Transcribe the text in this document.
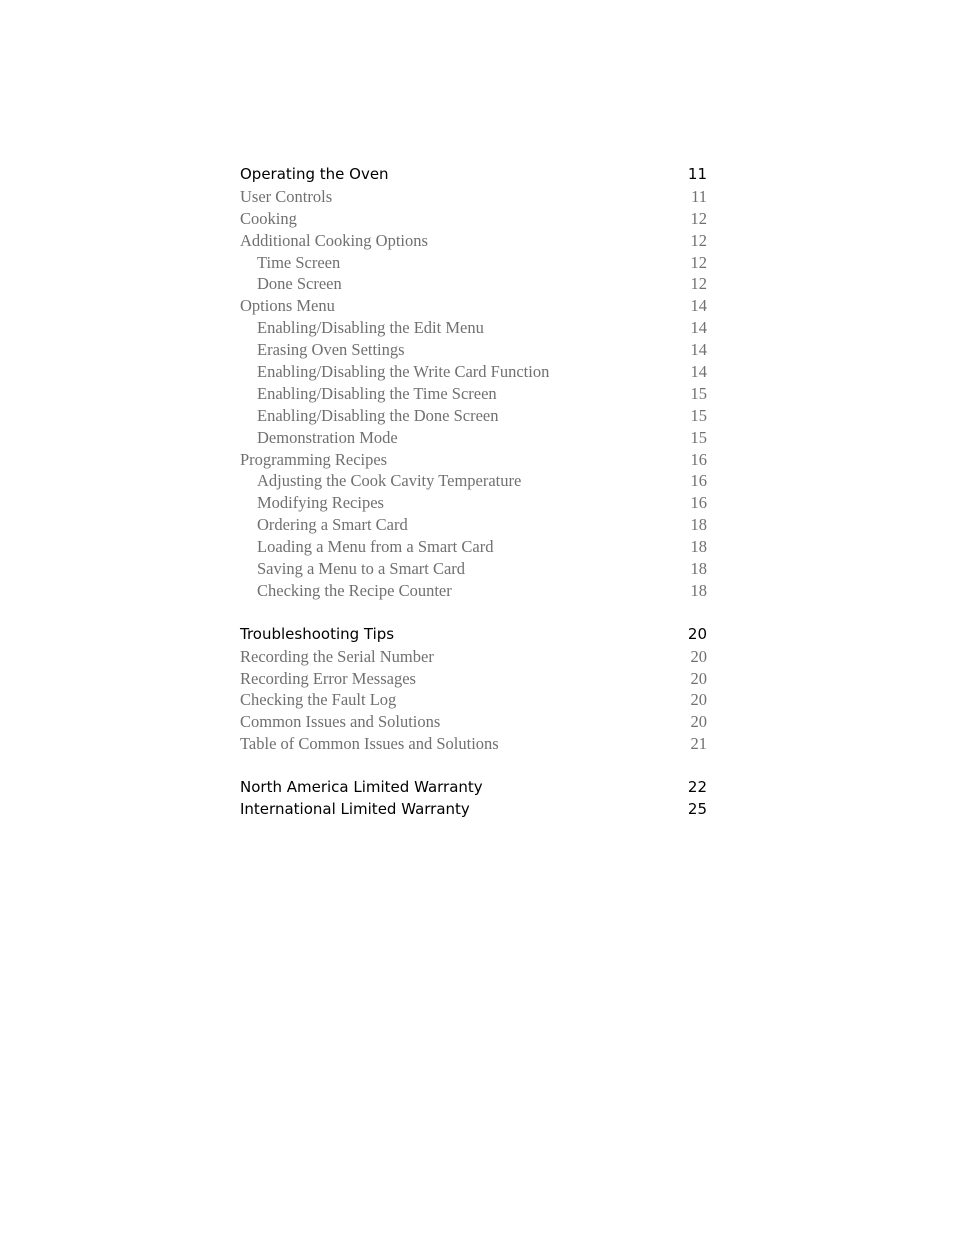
Operating the Oven	11
User Controls	11
Cooking	12
Additional Cooking Options	12
Time Screen	12
Done Screen	12
Options Menu	14
Enabling/Disabling the Edit Menu	14
Erasing Oven Settings	14
Enabling/Disabling the Write Card Function	14
Enabling/Disabling the Time Screen	15
Enabling/Disabling the Done Screen	15
Demonstration Mode	15
Programming Recipes	16
Adjusting the Cook Cavity Temperature	16
Modifying Recipes	16
Ordering a Smart Card	18
Loading a Menu from a Smart Card	18
Saving a Menu to a Smart Card	18
Checking the Recipe Counter	18
Troubleshooting Tips	20
Recording the Serial Number	20
Recording Error Messages	20
Checking the Fault Log	20
Common Issues and Solutions	20
Table of Common Issues and Solutions	21
North America Limited Warranty	22
International Limited Warranty	25
